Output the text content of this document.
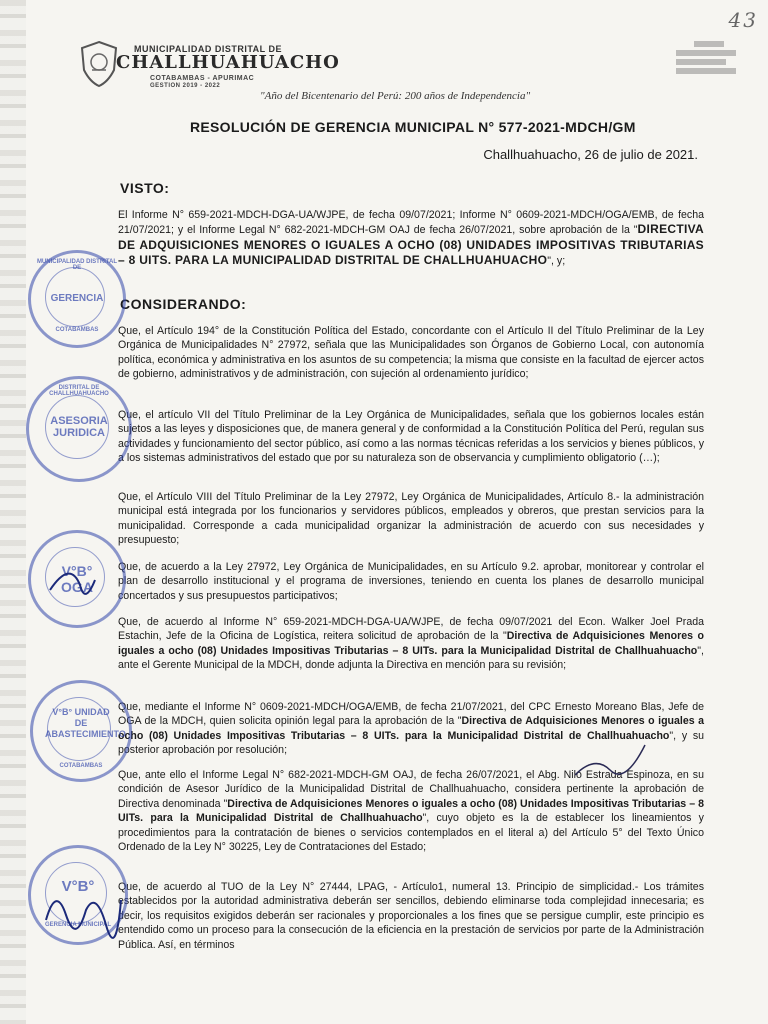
43
MUNICIPALIDAD DISTRITAL DE
CHALLHUAHUACHO
COTABAMBAS - APURIMAC
GESTION 2019 - 2022
"Año del Bicentenario del Perú: 200 años de Independencia"
RESOLUCIÓN DE GERENCIA MUNICIPAL N° 577-2021-MDCH/GM
Challhuahuacho, 26 de julio de 2021.
VISTO:
El Informe N° 659-2021-MDCH-DGA-UA/WJPE, de fecha 09/07/2021; Informe N° 0609-2021-MDCH/OGA/EMB, de fecha 21/07/2021; y el Informe Legal N° 682-2021-MDCH-GM OAJ de fecha 26/07/2021, sobre aprobación de la "DIRECTIVA DE ADQUISICIONES MENORES O IGUALES A OCHO (08) UNIDADES IMPOSITIVAS TRIBUTARIAS – 8 UITS. PARA LA MUNICIPALIDAD DISTRITAL DE CHALLHUAHUACHO", y;
CONSIDERANDO:
Que, el Artículo 194° de la Constitución Política del Estado, concordante con el Artículo II del Título Preliminar de la Ley Orgánica de Municipalidades N° 27972, señala que las Municipalidades son Órganos de Gobierno Local, con autonomía política, económica y administrativa en los asuntos de su competencia; la misma que consiste en la facultad de ejercer actos de gobierno, administrativos y de administración, con sujeción al ordenamiento jurídico;
Que, el artículo VII del Título Preliminar de la Ley Orgánica de Municipalidades, señala que los gobiernos locales están sujetos a las leyes y disposiciones que, de manera general y de conformidad a la Constitución Política del Perú, regulan sus actividades y funcionamiento del sector público, así como a las normas técnicas referidas a los servicios y bienes públicos, y a los sistemas administrativos del estado que por su naturaleza son de observancia y cumplimiento obligatorio (…);
Que, el Artículo VIII del Título Preliminar de la Ley 27972, Ley Orgánica de Municipalidades, Artículo 8.- la administración municipal está integrada por los funcionarios y servidores públicos, empleados y obreros, que prestan servicios para la municipalidad. Corresponde a cada municipalidad organizar la administración de acuerdo con sus necesidades y presupuesto;
Que, de acuerdo a la Ley 27972, Ley Orgánica de Municipalidades, en su Artículo 9.2. aprobar, monitorear y controlar el plan de desarrollo institucional y el programa de inversiones, teniendo en cuenta los planes de desarrollo municipal concertados y sus presupuestos participativos;
Que, de acuerdo al Informe N° 659-2021-MDCH-DGA-UA/WJPE, de fecha 09/07/2021 del Econ. Walker Joel Prada Estachin, Jefe de la Oficina de Logística, reitera solicitud de aprobación de la "Directiva de Adquisiciones Menores o iguales a ocho (08) Unidades Impositivas Tributarias – 8 UITs. para la Municipalidad Distrital de Challhuahuacho", ante el Gerente Municipal de la MDCH, donde adjunta la Directiva en mención para su revisión;
Que, mediante el Informe N° 0609-2021-MDCH/OGA/EMB, de fecha 21/07/2021, del CPC Ernesto Moreano Blas, Jefe de OGA de la MDCH, quien solicita opinión legal para la aprobación de la "Directiva de Adquisiciones Menores o iguales a ocho (08) Unidades Impositivas Tributarias – 8 UITs. para la Municipalidad Distrital de Challhuahuacho", y su posterior aprobación por resolución;
Que, ante ello el Informe Legal N° 682-2021-MDCH-GM OAJ, de fecha 26/07/2021, el Abg. Nilo Estrada Espinoza, en su condición de Asesor Jurídico de la Municipalidad Distrital de Challhuahuacho, considera pertinente la aprobación de Directiva denominada "Directiva de Adquisiciones Menores o iguales a ocho (08) Unidades Impositivas Tributarias – 8 UITs. para la Municipalidad Distrital de Challhuahuacho", cuyo objeto es la de establecer los lineamientos y procedimientos para la contratación de bienes o servicios contemplados en el literal a) del Artículo 5° del Texto Único Ordenado de la Ley N° 30225, Ley de Contrataciones del Estado;
Que, de acuerdo al TUO de la Ley N° 27444, LPAG, - Artículo1, numeral 13. Principio de simplicidad.- Los trámites establecidos por la autoridad administrativa deberán ser sencillos, debiendo eliminarse toda complejidad innecesaria; es decir, los requisitos exigidos deberán ser racionales y proporcionales a los fines que se persigue cumplir, este principio es entendido como un proceso para la consecución de la eficiencia en la prestación de servicios por parte de la Administración Pública. Así, en términos
MUNICIPALIDAD DISTRITAL DE
GERENCIA
COTABAMBAS
DISTRITAL DE CHALLHUAHUACHO
ASESORIA JURIDICA
V°B° OGA
V°B° UNIDAD DE ABASTECIMIENTO
COTABAMBAS
V°B°
GERENCIA MUNICIPAL
